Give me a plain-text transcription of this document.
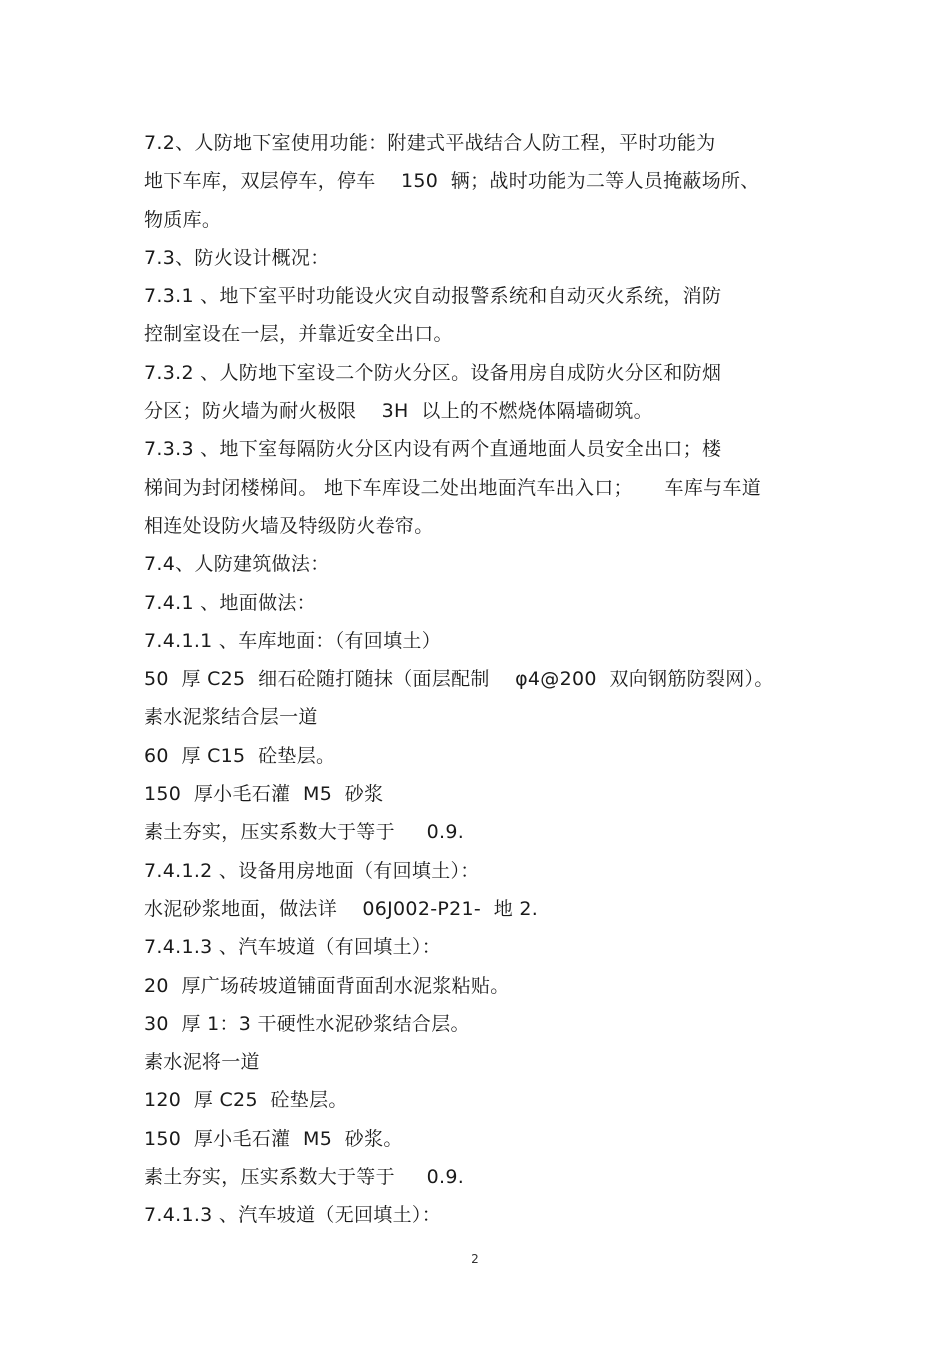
7.2、人防地下室使用功能：附建式平战结合人防工程，平时功能为
地下车库，双层停车，停车    150  辆；战时功能为二等人员掩蔽场所、
物质库。
7.3、防火设计概况：
7.3.1 、地下室平时功能设火灾自动报警系统和自动灭火系统，消防
控制室设在一层，并靠近安全出口。
7.3.2 、人防地下室设二个防火分区。设备用房自成防火分区和防烟
分区；防火墙为耐火极限    3H  以上的不燃烧体隔墙砌筑。
7.3.3 、地下室每隔防火分区内设有两个直通地面人员安全出口；楼
梯间为封闭楼梯间。 地下车库设二处出地面汽车出入口；     车库与车道
相连处设防火墙及特级防火卷帘。
7.4、人防建筑做法：
7.4.1 、地面做法：
7.4.1.1 、车库地面：（有回填土）
50  厚 C25  细石砼随打随抹（面层配制    φ4@200  双向钢筋防裂网）。
素水泥浆结合层一道
60  厚 C15  砼垫层。
150  厚小毛石灌  M5  砂浆
素土夯实，压实系数大于等于     0.9.
7.4.1.2 、设备用房地面（有回填土）：
水泥砂浆地面，做法详    06J002-P21-  地 2.
7.4.1.3 、汽车坡道（有回填土）：
20  厚广场砖坡道铺面背面刮水泥浆粘贴。
30  厚 1：3 干硬性水泥砂浆结合层。
素水泥将一道
120  厚 C25  砼垫层。
150  厚小毛石灌  M5  砂浆。
素土夯实，压实系数大于等于     0.9.
7.4.1.3 、汽车坡道（无回填土）：
2
